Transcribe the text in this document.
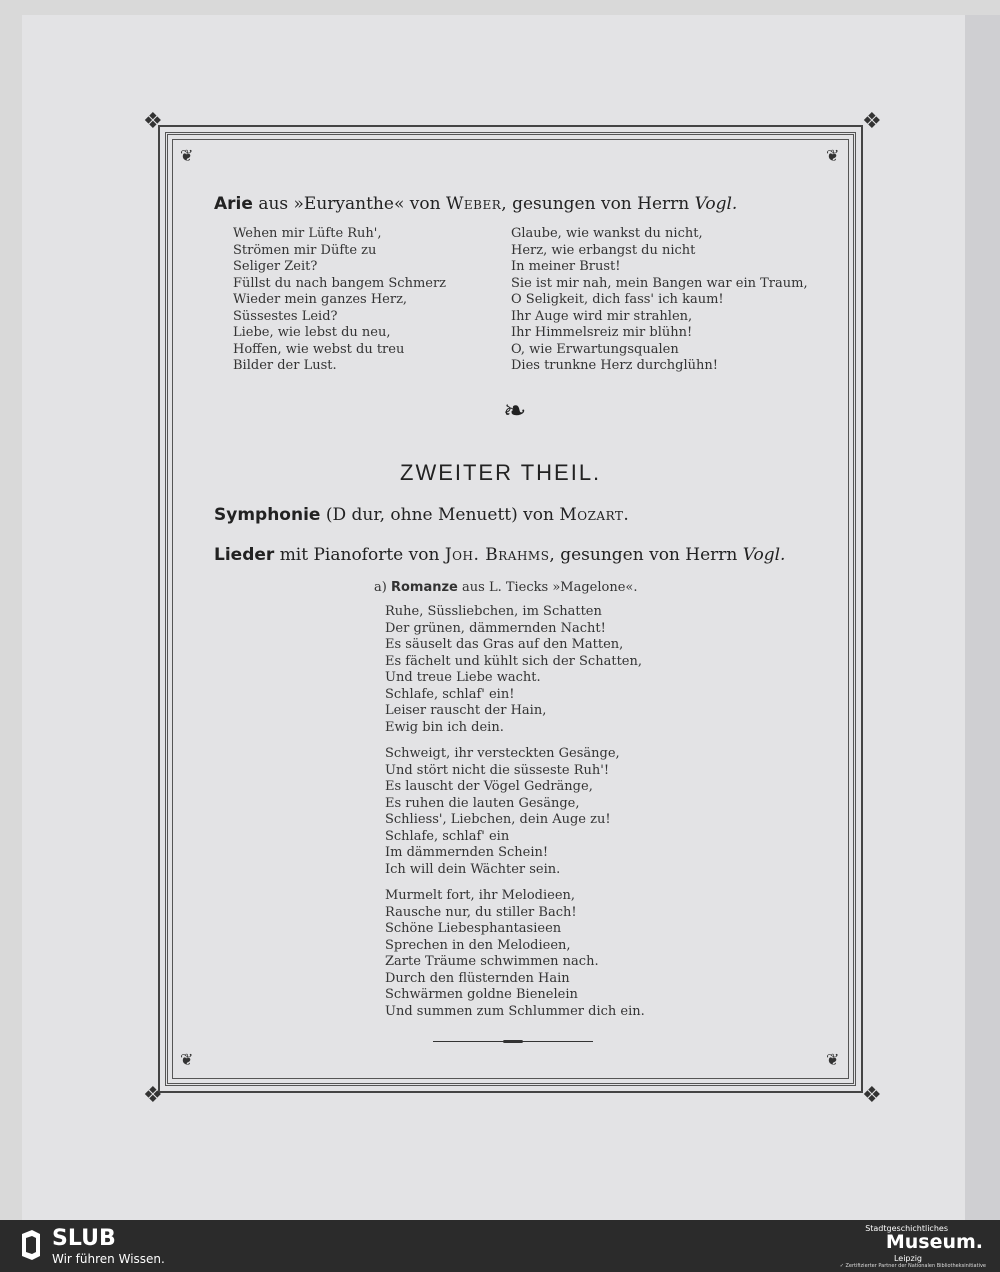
❖	❖
❖	❖
❦	❦
❦	❦
Arie aus »Euryanthe« von Weber, gesungen von Herrn Vogl.
Wehen mir Lüfte Ruh',
Strömen mir Düfte zu
Seliger Zeit?
Füllst du nach bangem Schmerz
Wieder mein ganzes Herz,
Süssestes Leid?
Liebe, wie lebst du neu,
Hoffen, wie webst du treu
Bilder der Lust.
Glaube, wie wankst du nicht,
Herz, wie erbangst du nicht
In meiner Brust!
Sie ist mir nah, mein Bangen war ein Traum,
O Seligkeit, dich fass' ich kaum!
Ihr Auge wird mir strahlen,
Ihr Himmelsreiz mir blühn!
O, wie Erwartungsqualen
Dies trunkne Herz durchglühn!
❧
ZWEITER THEIL.
Symphonie (D dur, ohne Menuett) von Mozart.
Lieder mit Pianoforte von Joh. Brahms, gesungen von Herrn Vogl.
a) Romanze aus L. Tiecks »Magelone«.
Ruhe, Süssliebchen, im Schatten
Der grünen, dämmernden Nacht!
Es säuselt das Gras auf den Matten,
Es fächelt und kühlt sich der Schatten,
Und treue Liebe wacht.
Schlafe, schlaf' ein!
Leiser rauscht der Hain,
Ewig bin ich dein.
Schweigt, ihr versteckten Gesänge,
Und stört nicht die süsseste Ruh'!
Es lauscht der Vögel Gedränge,
Es ruhen die lauten Gesänge,
Schliess', Liebchen, dein Auge zu!
Schlafe, schlaf' ein
Im dämmernden Schein!
Ich will dein Wächter sein.
Murmelt fort, ihr Melodieen,
Rausche nur, du stiller Bach!
Schöne Liebesphantasieen
Sprechen in den Melodieen,
Zarte Träume schwimmen nach.
Durch den flüsternden Hain
Schwärmen goldne Bienelein
Und summen zum Schlummer dich ein.
SLUB
Wir führen Wissen.
Stadtgeschichtliches
Museum.
Leipzig
✓ Zertifizierter Partner der Nationalen Bibliotheksinitiative
